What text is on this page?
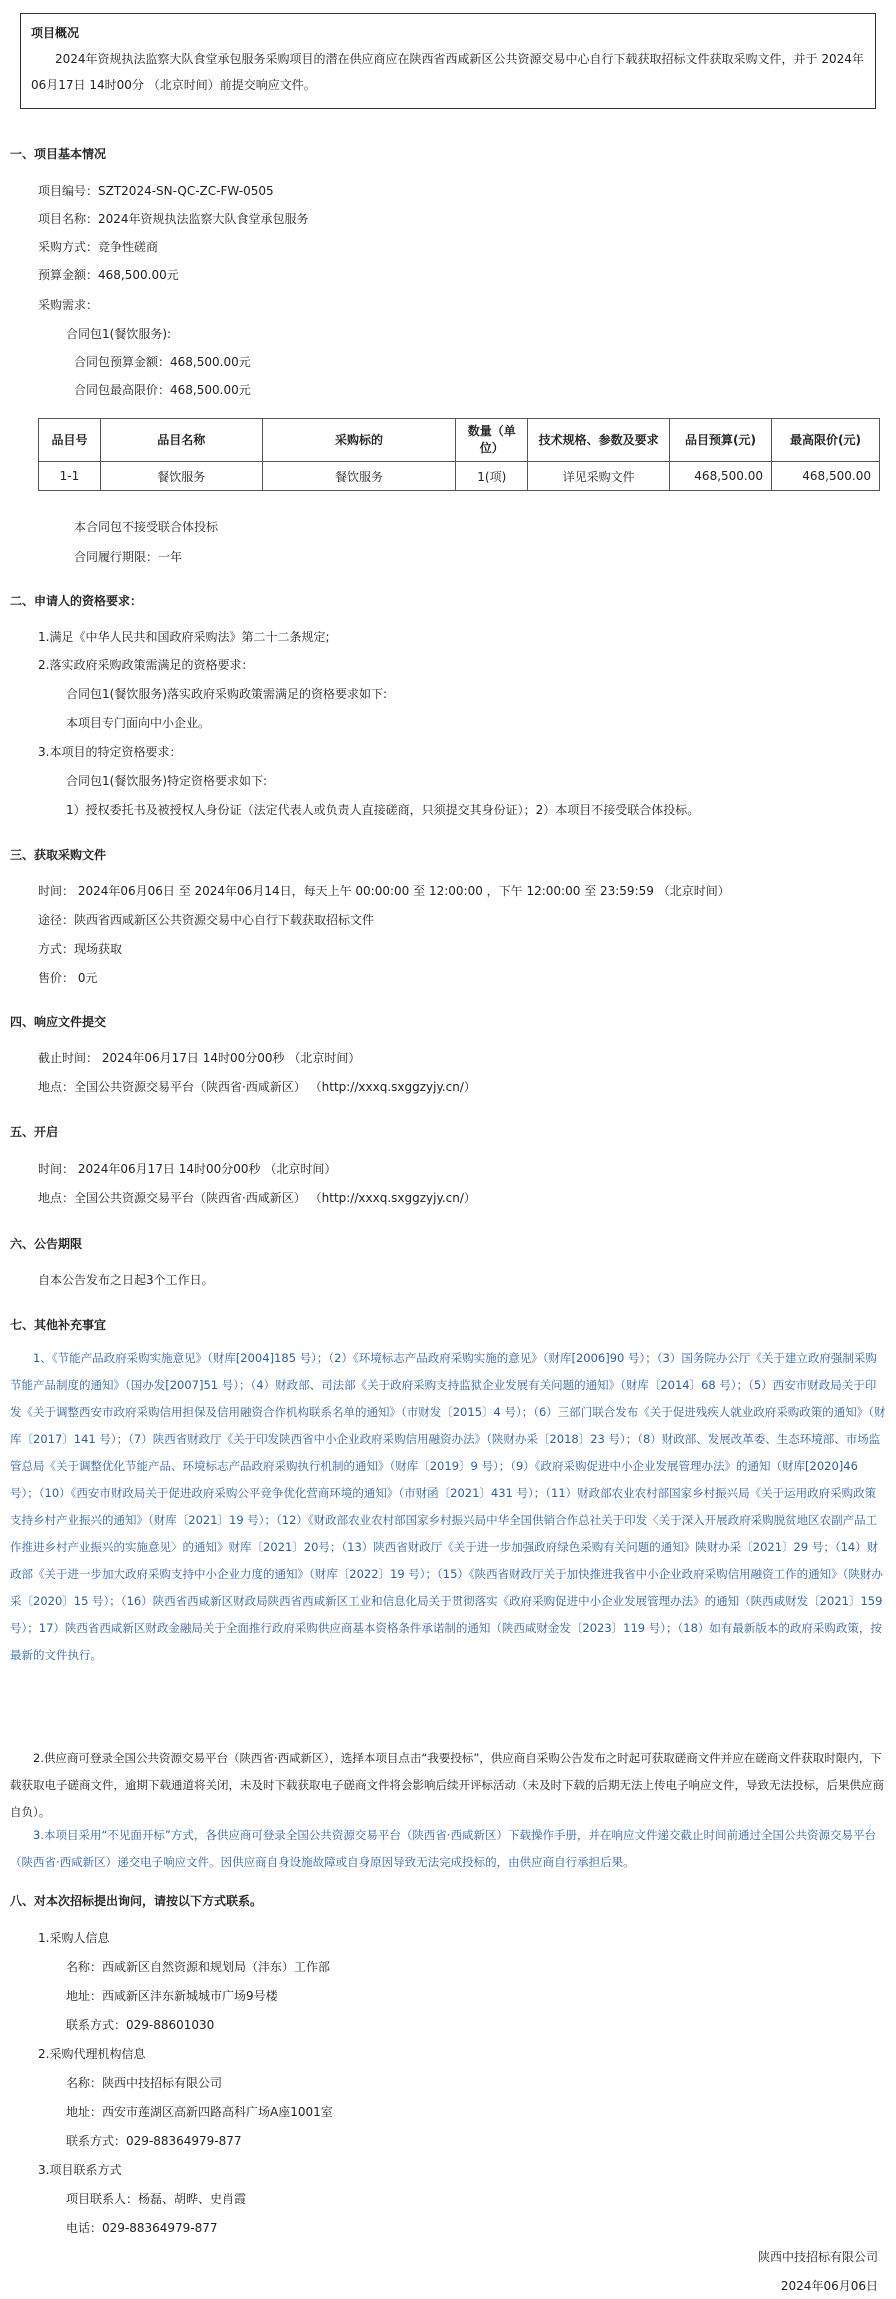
项目概况
2024年资规执法监察大队食堂承包服务采购项目的潜在供应商应在陕西省西咸新区公共资源交易中心自行下载获取招标文件获取采购文件，并于 2024年06月17日 14时00分 （北京时间）前提交响应文件。
一、项目基本情况
项目编号：SZT2024-SN-QC-ZC-FW-0505
项目名称：2024年资规执法监察大队食堂承包服务
采购方式：竞争性磋商
预算金额：468,500.00元
采购需求：
合同包1(餐饮服务):
合同包预算金额：468,500.00元
合同包最高限价：468,500.00元
品目号	品目名称	采购标的	数量（单位）	技术规格、参数及要求	品目预算(元)	最高限价(元)
1-1	餐饮服务	餐饮服务	1(项)	详见采购文件	468,500.00	468,500.00
本合同包不接受联合体投标
合同履行期限：一年
二、申请人的资格要求：
1.满足《中华人民共和国政府采购法》第二十二条规定;
2.落实政府采购政策需满足的资格要求：
合同包1(餐饮服务)落实政府采购政策需满足的资格要求如下:
本项目专门面向中小企业。
3.本项目的特定资格要求：
合同包1(餐饮服务)特定资格要求如下:
1）授权委托书及被授权人身份证（法定代表人或负责人直接磋商，只须提交其身份证）；2）本项目不接受联合体投标。
三、获取采购文件
时间： 2024年06月06日 至 2024年06月14日，每天上午 00:00:00 至 12:00:00 ，下午 12:00:00 至 23:59:59 （北京时间）
途径：陕西省西咸新区公共资源交易中心自行下载获取招标文件
方式：现场获取
售价： 0元
四、响应文件提交
截止时间： 2024年06月17日 14时00分00秒 （北京时间）
地点：全国公共资源交易平台（陕西省·西咸新区） （http://xxxq.sxggzyjy.cn/）
五、开启
时间： 2024年06月17日 14时00分00秒 （北京时间）
地点：全国公共资源交易平台（陕西省·西咸新区） （http://xxxq.sxggzyjy.cn/）
六、公告期限
自本公告发布之日起3个工作日。
七、其他补充事宜
1、《节能产品政府采购实施意见》（财库[2004]185 号）；（2）《环境标志产品政府采购实施的意见》（财库[2006]90 号）；（3）国务院办公厅《关于建立政府强制采购节能产品制度的通知》（国办发[2007]51 号）；（4）财政部、司法部《关于政府采购支持监狱企业发展有关问题的通知》（财库〔2014〕68 号）；（5）西安市财政局关于印发《关于调整西安市政府采购信用担保及信用融资合作机构联系名单的通知》（市财发〔2015〕4 号）；（6）三部门联合发布《关于促进残疾人就业政府采购政策的通知》（财库〔2017〕141 号）；（7）陕西省财政厅《关于印发陕西省中小企业政府采购信用融资办法》（陕财办采〔2018〕23 号）；（8）财政部、发展改革委、生态环境部、市场监管总局《关于调整优化节能产品、环境标志产品政府采购执行机制的通知》（财库〔2019〕9 号）；（9）《政府采购促进中小企业发展管理办法》的通知（财库[2020]46 号）；（10）《西安市财政局关于促进政府采购公平竞争优化营商环境的通知》（市财函〔2021〕431 号）；（11）财政部农业农村部国家乡村振兴局《关于运用政府采购政策支持乡村产业振兴的通知》（财库〔2021〕19 号）；（12）《财政部农业农村部国家乡村振兴局中华全国供销合作总社关于印发〈关于深入开展政府采购脱贫地区农副产品工作推进乡村产业振兴的实施意见〉的通知》财库〔2021〕20号；（13）陕西省财政厅《关于进一步加强政府绿色采购有关问题的通知》陕财办采〔2021〕29 号；（14）财政部《关于进一步加大政府采购支持中小企业力度的通知》（财库〔2022〕19 号）；（15）《陕西省财政厅关于加快推进我省中小企业政府采购信用融资工作的通知》（陕财办采〔2020〕15 号）；（16）陕西省西咸新区财政局陕西省西咸新区工业和信息化局关于贯彻落实《政府采购促进中小企业发展管理办法》的通知（陕西咸财发〔2021〕159号）；17）陕西省西咸新区财政金融局关于全面推行政府采购供应商基本资格条件承诺制的通知（陕西咸财金发〔2023〕119 号）；（18）如有最新版本的政府采购政策，按最新的文件执行。
2.供应商可登录全国公共资源交易平台（陕西省·西咸新区），选择本项目点击“我要投标”，供应商自采购公告发布之时起可获取磋商文件并应在磋商文件获取时限内，下载获取电子磋商文件，逾期下载通道将关闭，未及时下载获取电子磋商文件将会影响后续开评标活动（未及时下载的后期无法上传电子响应文件，导致无法投标，后果供应商自负）。
3.本项目采用“不见面开标”方式，各供应商可登录全国公共资源交易平台（陕西省·西咸新区）下载操作手册，并在响应文件递交截止时间前通过全国公共资源交易平台（陕西省·西咸新区）递交电子响应文件。因供应商自身设施故障或自身原因导致无法完成投标的，由供应商自行承担后果。
八、对本次招标提出询问，请按以下方式联系。
1.采购人信息
名称：西咸新区自然资源和规划局（沣东）工作部
地址：西咸新区沣东新城城市广场9号楼
联系方式：029-88601030
2.采购代理机构信息
名称：陕西中技招标有限公司
地址：西安市莲湖区高新四路高科广场A座1001室
联系方式：029-88364979-877
3.项目联系方式
项目联系人：杨磊、胡晔、史肖霞
电话：029-88364979-877
陕西中技招标有限公司
2024年06月06日
